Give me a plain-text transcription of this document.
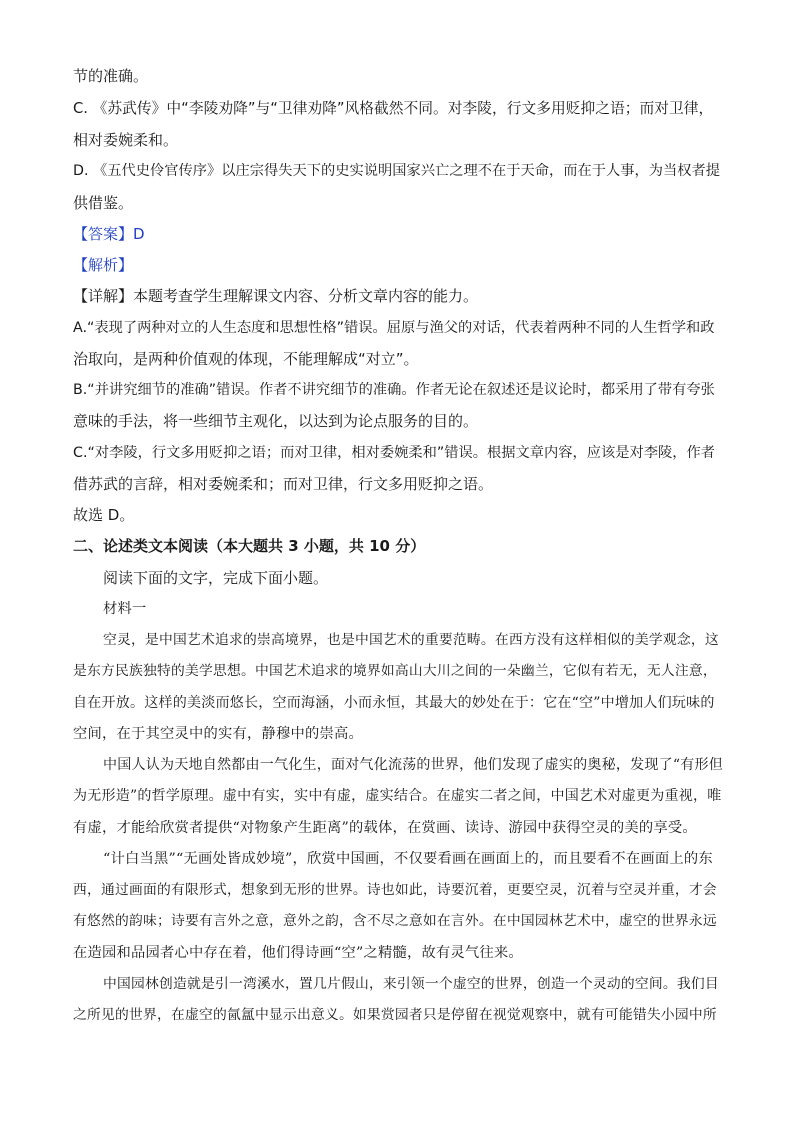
节的准确。
C. 《苏武传》中“李陵劝降”与“卫律劝降”风格截然不同。对李陵，行文多用贬抑之语；而对卫律，
相对委婉柔和。
D. 《五代史伶官传序》以庄宗得失天下的史实说明国家兴亡之理不在于天命，而在于人事，为当权者提
供借鉴。
【答案】D
【解析】
【详解】本题考查学生理解课文内容、分析文章内容的能力。
A.“表现了两种对立的人生态度和思想性格”错误。屈原与渔父的对话，代表着两种不同的人生哲学和政
治取向，是两种价值观的体现，不能理解成“对立”。
B.“并讲究细节的准确”错误。作者不讲究细节的准确。作者无论在叙述还是议论时，都采用了带有夸张
意味的手法，将一些细节主观化，以达到为论点服务的目的。
C.“对李陵，行文多用贬抑之语；而对卫律，相对委婉柔和”错误。根据文章内容，应该是对李陵，作者
借苏武的言辞，相对委婉柔和；而对卫律，行文多用贬抑之语。
故选 D。
二、论述类文本阅读（本大题共 3 小题，共 10 分）
阅读下面的文字，完成下面小题。
材料一
空灵，是中国艺术追求的崇高境界，也是中国艺术的重要范畴。在西方没有这样相似的美学观念，这
是东方民族独特的美学思想。中国艺术追求的境界如高山大川之间的一朵幽兰，它似有若无，无人注意，
自在开放。这样的美淡而悠长，空而海涵，小而永恒，其最大的妙处在于：它在“空”中增加人们玩味的
空间，在于其空灵中的实有，静穆中的崇高。
中国人认为天地自然都由一气化生，面对气化流荡的世界，他们发现了虚实的奥秘，发现了“有形但
为无形造”的哲学原理。虚中有实，实中有虚，虚实结合。在虚实二者之间，中国艺术对虚更为重视，唯
有虚，才能给欣赏者提供“对物象产生距离”的载体，在赏画、读诗、游园中获得空灵的美的享受。
“计白当黑”“无画处皆成妙境”，欣赏中国画，不仅要看画在画面上的，而且要看不在画面上的东
西，通过画面的有限形式，想象到无形的世界。诗也如此，诗要沉着，更要空灵，沉着与空灵并重，才会
有悠然的韵味；诗要有言外之意，意外之韵，含不尽之意如在言外。在中国园林艺术中，虚空的世界永远
在造园和品园者心中存在着，他们得诗画“空”之精髓，故有灵气往来。
中国园林创造就是引一湾溪水，置几片假山，来引领一个虚空的世界，创造一个灵动的空间。我们目
之所见的世界，在虚空的氤氲中显示出意义。如果赏园者只是停留在视觉观察中，就有可能错失小园中所
